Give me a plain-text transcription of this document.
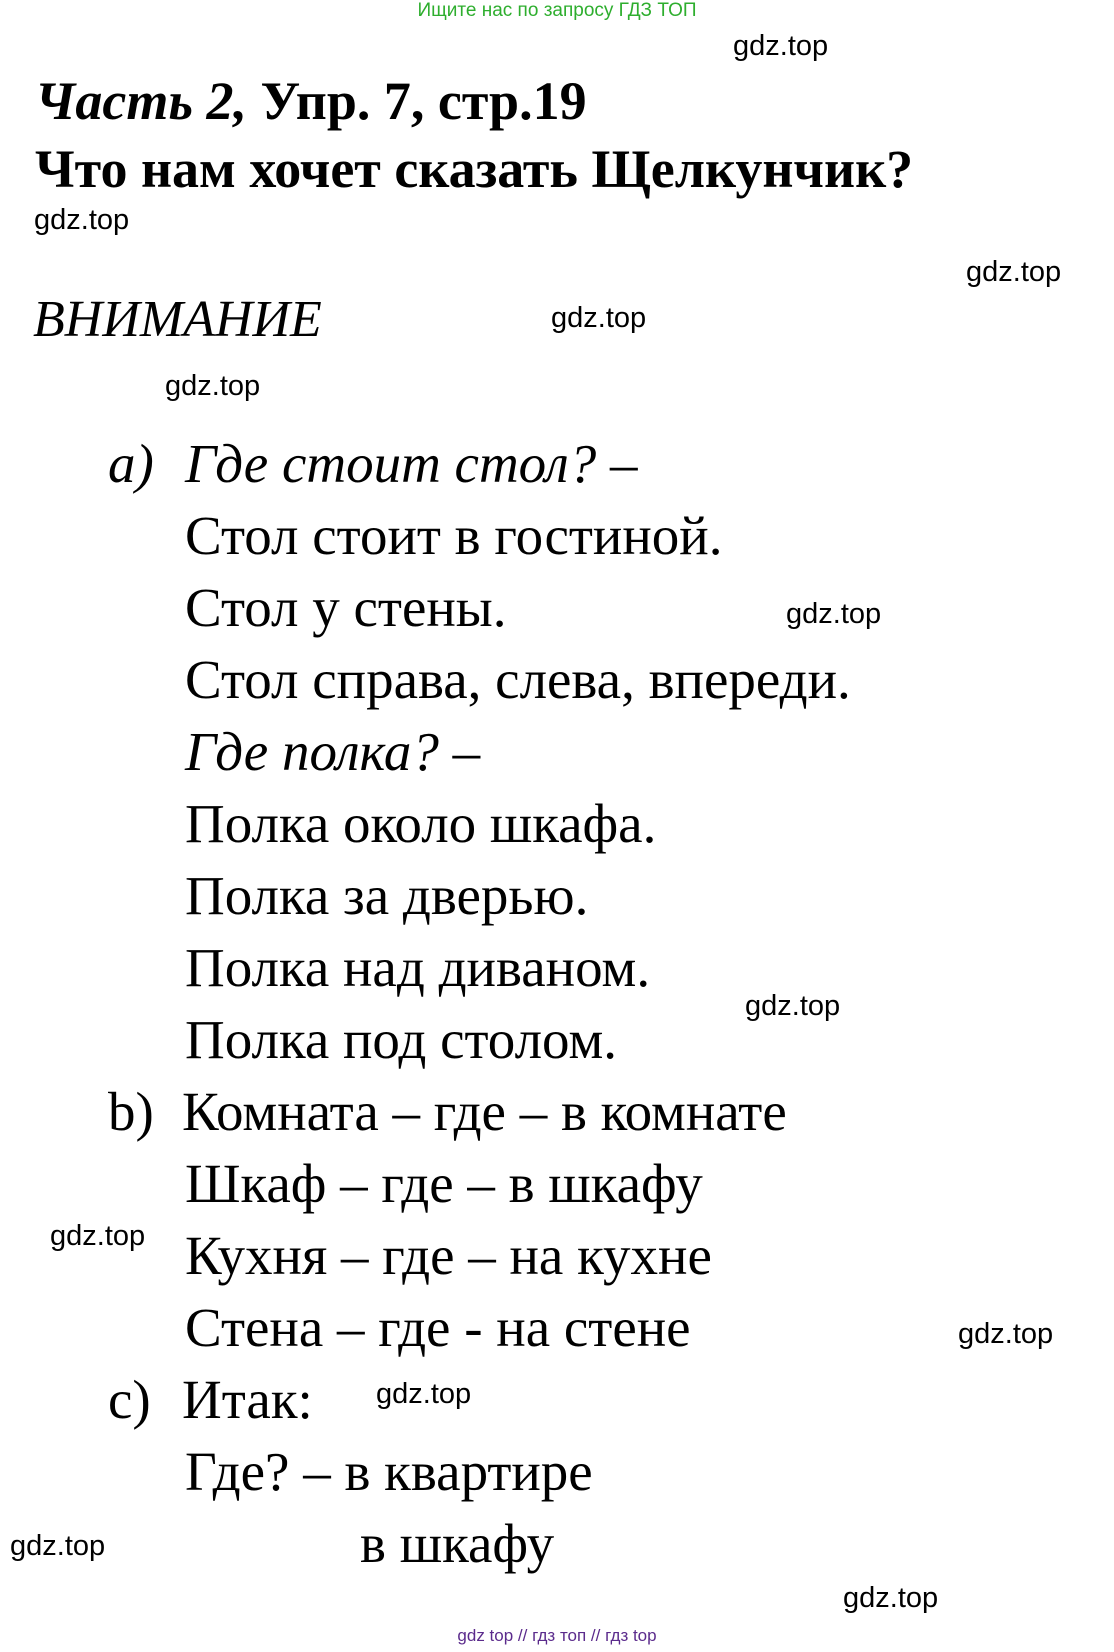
Ищите нас по запросу ГДЗ ТОП
gdz.top
Часть 2, Упр. 7, стр.19
Что нам хочет сказать Щелкунчик?
gdz.top
gdz.top
ВНИМАНИЕ	gdz.top
gdz.top
a) Где стоит стол? –
Стол стоит в гостиной.
Стол у стены.	gdz.top
Стол справа, слева, впереди.
Где полка? –
Полка около шкафа.
Полка за дверью.
Полка над диваном.
gdz.top
Полка под столом.
b) Комната – где – в комнате
Шкаф – где – в шкафу
gdz.top Кухня – где – на кухне
Стена – где - на стене	gdz.top
gdz.top
c) Итак:
Где? – в квартире
gdz.top	в шкафу
gdz.top
gdz top // гдз топ // гдз top
